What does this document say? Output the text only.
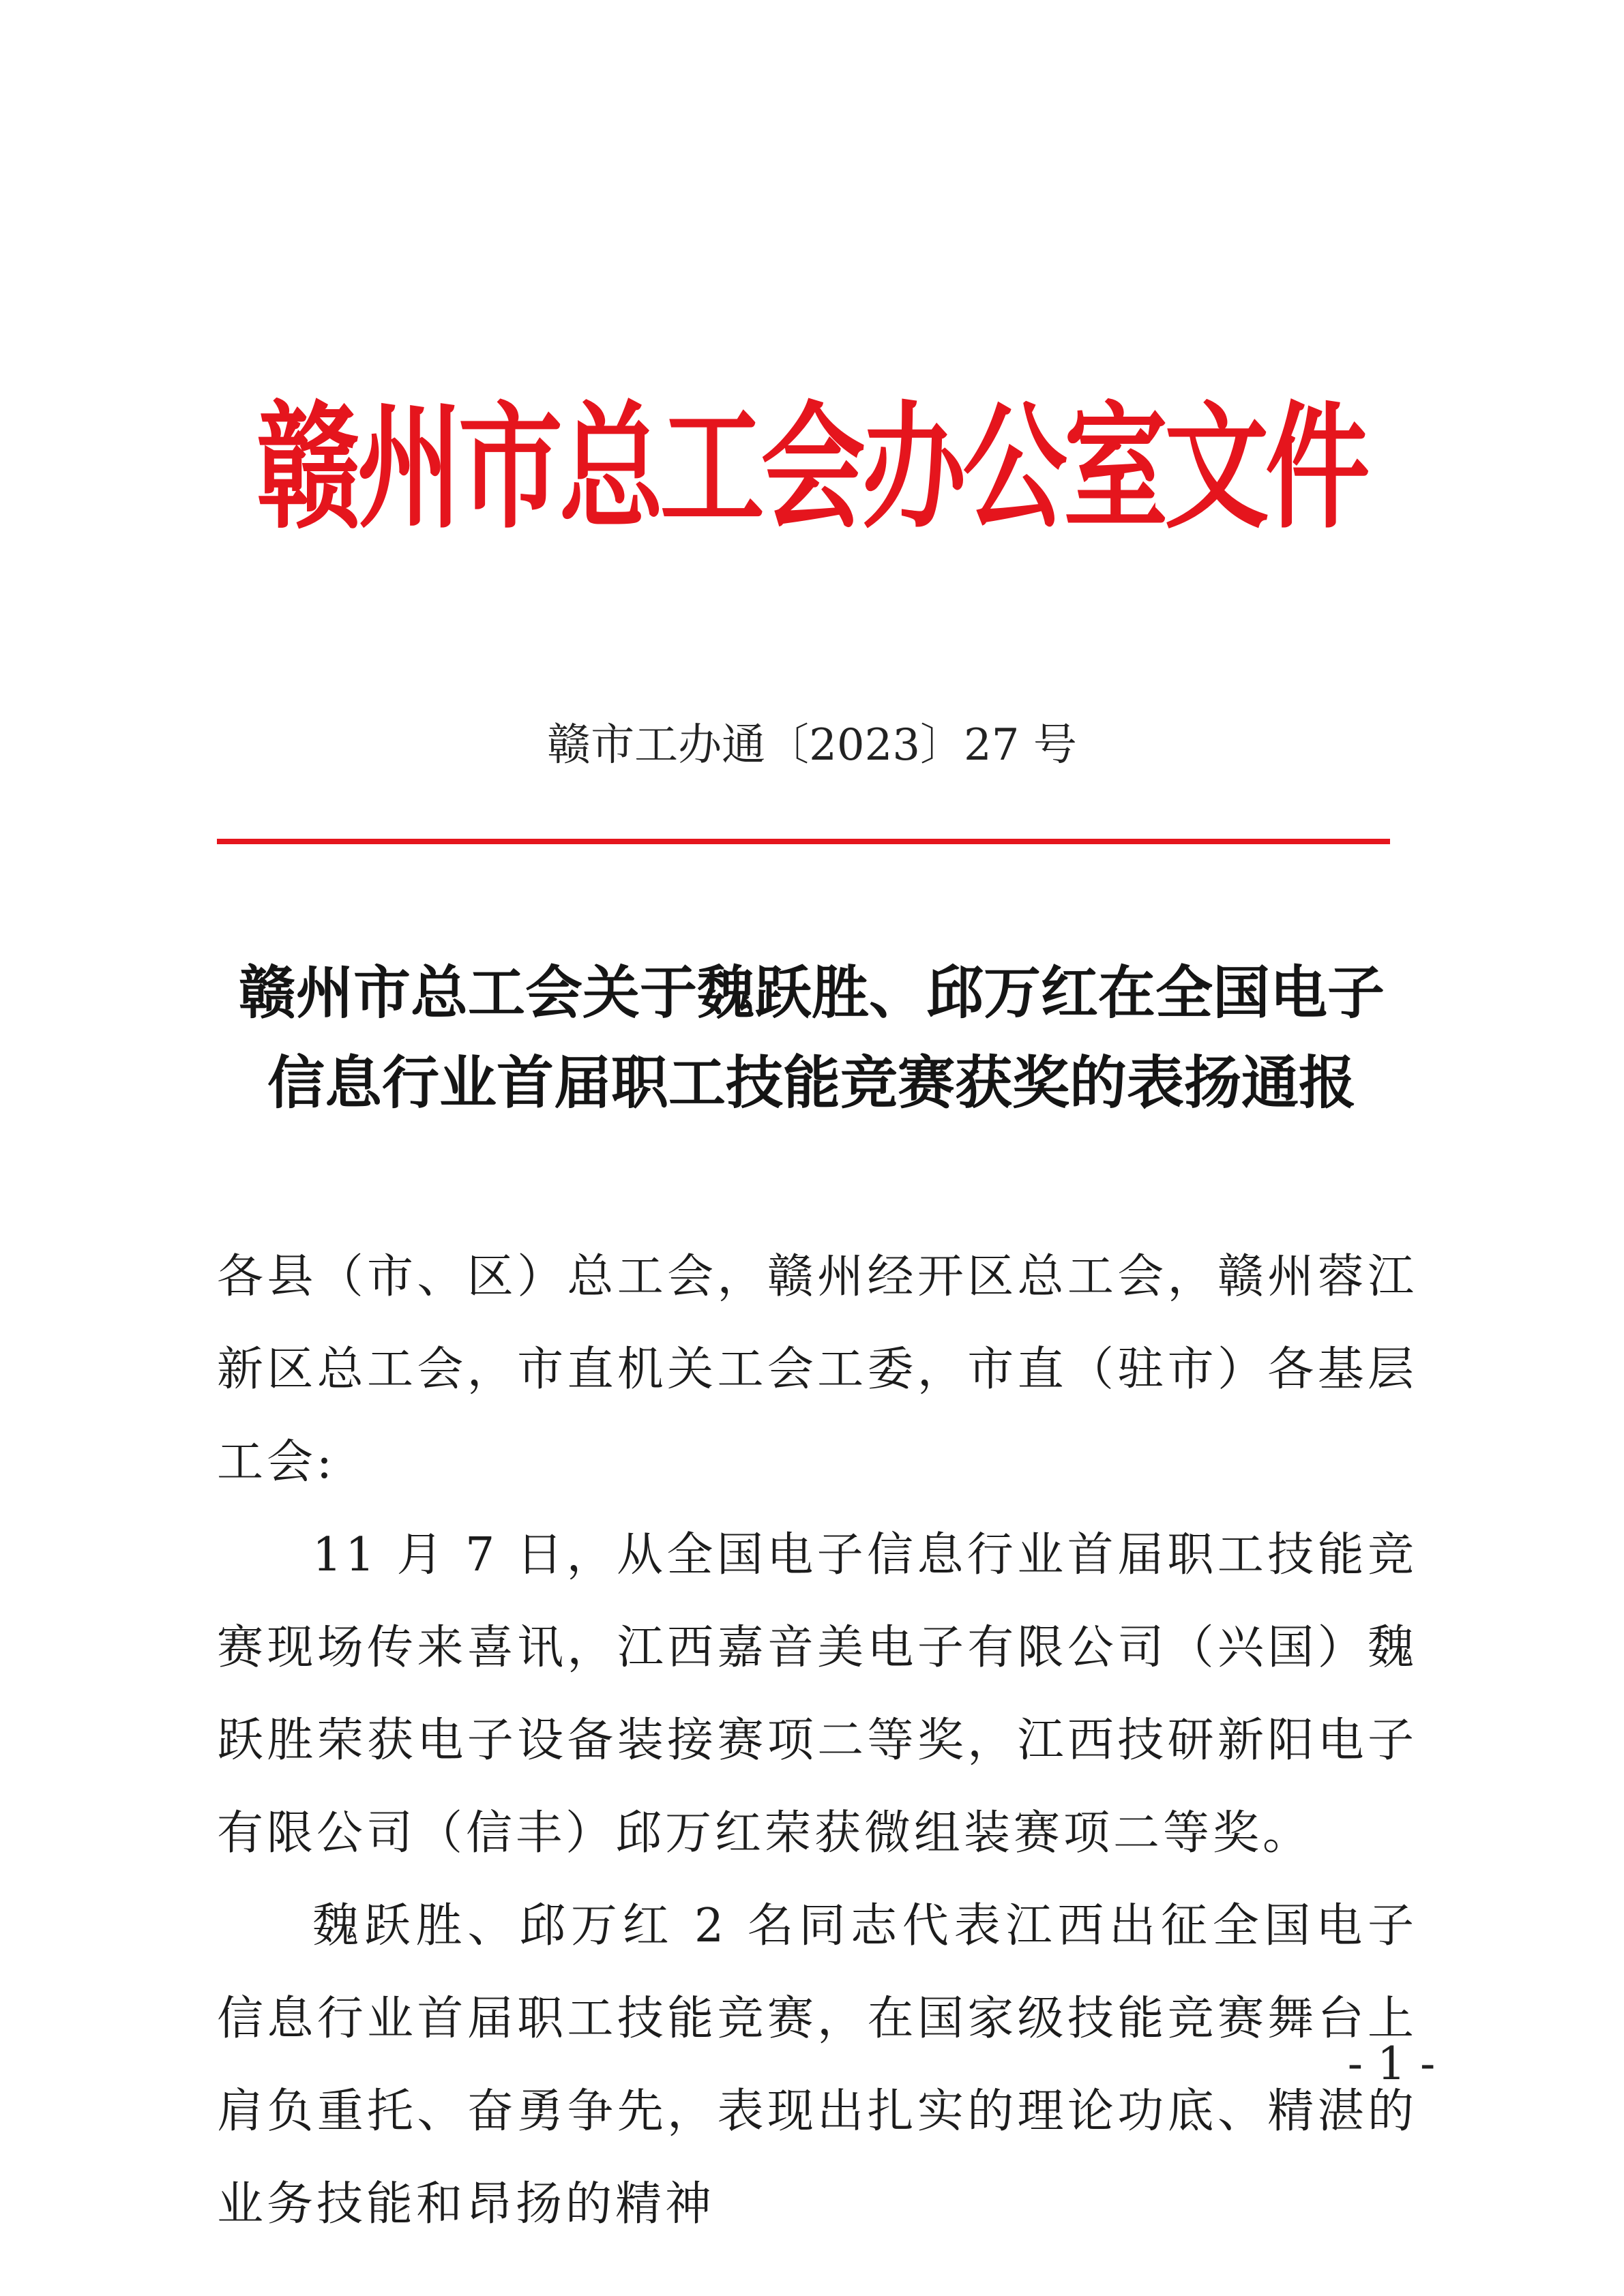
赣州市总工会办公室文件
赣市工办通〔2023〕27 号
赣州市总工会关于魏跃胜、邱万红在全国电子
信息行业首届职工技能竞赛获奖的表扬通报

各县（市、区）总工会，赣州经开区总工会，赣州蓉江新区总工会，市直机关工会工委，市直（驻市）各基层工会:

11 月 7 日，从全国电子信息行业首届职工技能竞赛现场传来喜讯，江西嘉音美电子有限公司（兴国）魏跃胜荣获电子设备装接赛项二等奖，江西技研新阳电子有限公司（信丰）邱万红荣获微组装赛项二等奖。

魏跃胜、邱万红 2 名同志代表江西出征全国电子信息行业首届职工技能竞赛，在国家级技能竞赛舞台上肩负重托、奋勇争先，表现出扎实的理论功底、精湛的业务技能和昂扬的精神

- 1 -
